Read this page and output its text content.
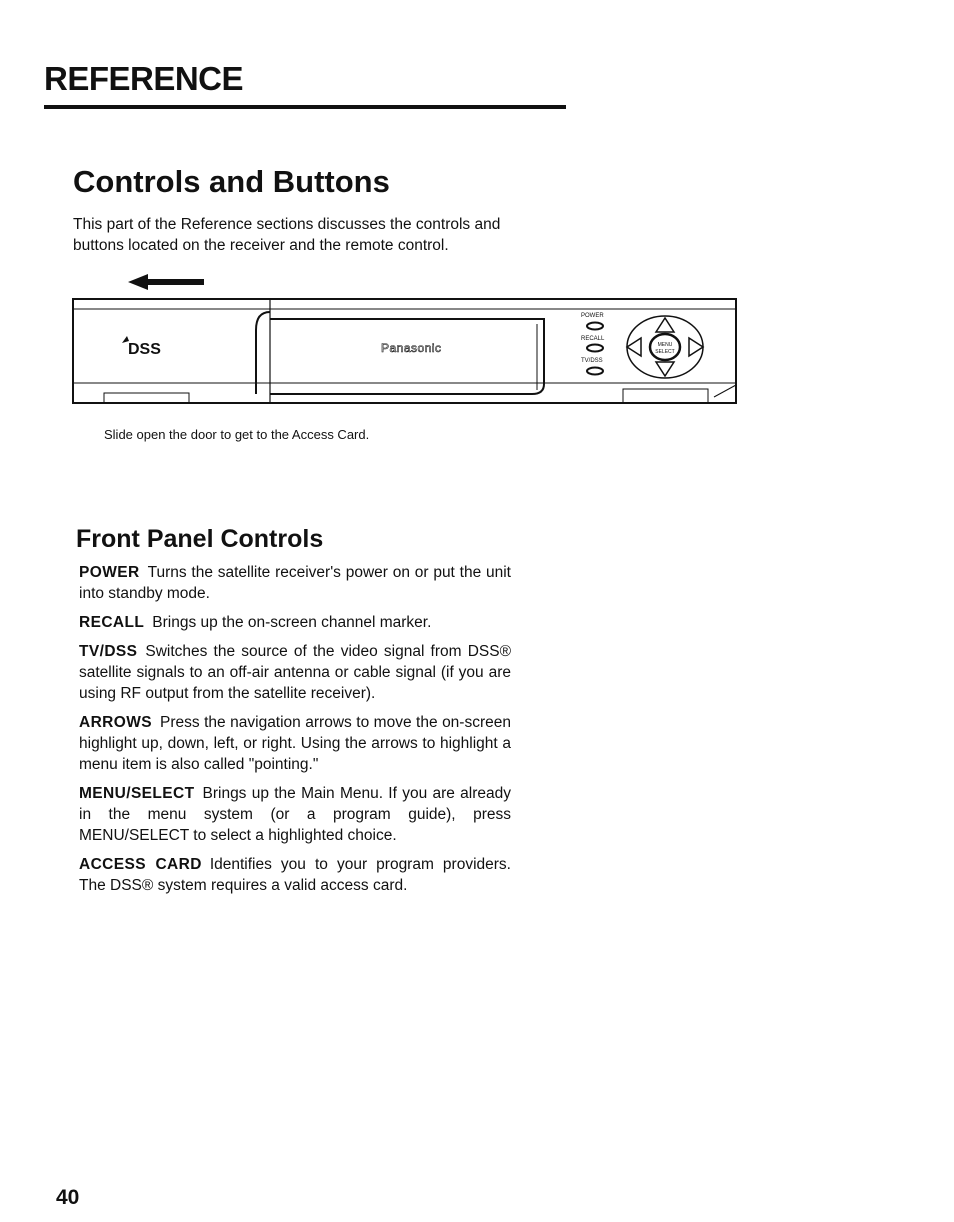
REFERENCE
Controls and Buttons

This part of the Reference sections discusses the controls and buttons located on the receiver and the remote control.

DSS	Panasonic
POWER
RECALL
TV/DSS
MENU
SELECT

Slide open the door to get to the Access Card.

Front Panel Controls

POWER Turns the satellite receiver's power on or put the unit into standby mode.

RECALL Brings up the on-screen channel marker.

TV/DSS Switches the source of the video signal from DSS® satellite signals to an off-air antenna or cable signal (if you are using RF output from the satellite receiver).

ARROWS Press the navigation arrows to move the on-screen highlight up, down, left, or right. Using the arrows to highlight a menu item is also called "pointing."

MENU/SELECT Brings up the Main Menu. If you are already in the menu system (or a program guide), press MENU/SELECT to select a highlighted choice.

ACCESS CARD Identifies you to your program providers. The DSS® system requires a valid access card.

40
